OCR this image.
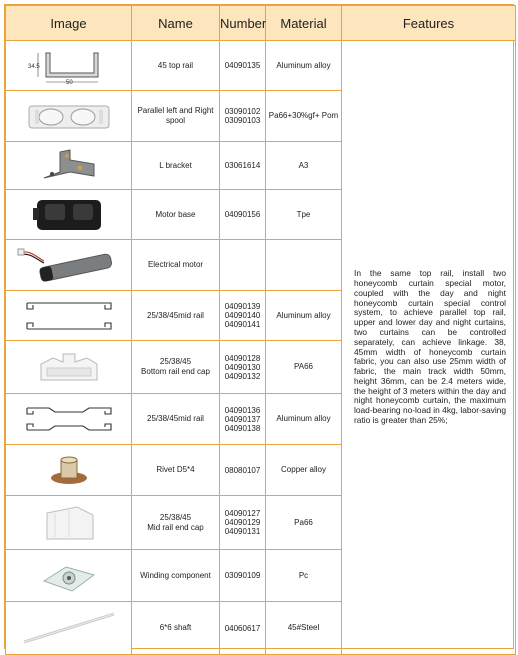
Image	Name	Number	Material	Features

34.5
50	45 top rail	04090135	Aluminum alloy	In the same top rail, install two honeycomb curtain special motor, coupled with the day and night honeycomb curtain special control system, to achieve parallel top rail, upper and lower day and night curtains, two curtains can be controlled separately, can achieve linkage. 38, 45mm width of honeycomb curtain fabric, you can also use 25mm width of fabric, the main track width 50mm, height 36mm, can be 2.4 meters wide, the height of 3 meters within the day and night honeycomb curtain, the maximum load-bearing no-load in 4kg, labor-saving ratio is greater than 25%;

	Parallel left and Right spool	03090102
03090103	Pa66+30%gf+ Pom	

	L bracket	03061614	A3	

	Motor base	04090156	Tpe	

	Electrical motor			

	25/38/45mid rail	04090139
04090140
04090141	Aluminum alloy	

	25/38/45
Bottom rail end cap	04090128
04090130
04090132	PA66	

	25/38/45mid rail	04090136
04090137
04090138	Aluminum alloy	

	Rivet D5*4	08080107	Copper alloy	

	25/38/45
Mid rail end cap	04090127
04090129
04090131	Pa66	

	Winding component	03090109	Pc	

	6*6 shaft	04060617	45#Steel	
